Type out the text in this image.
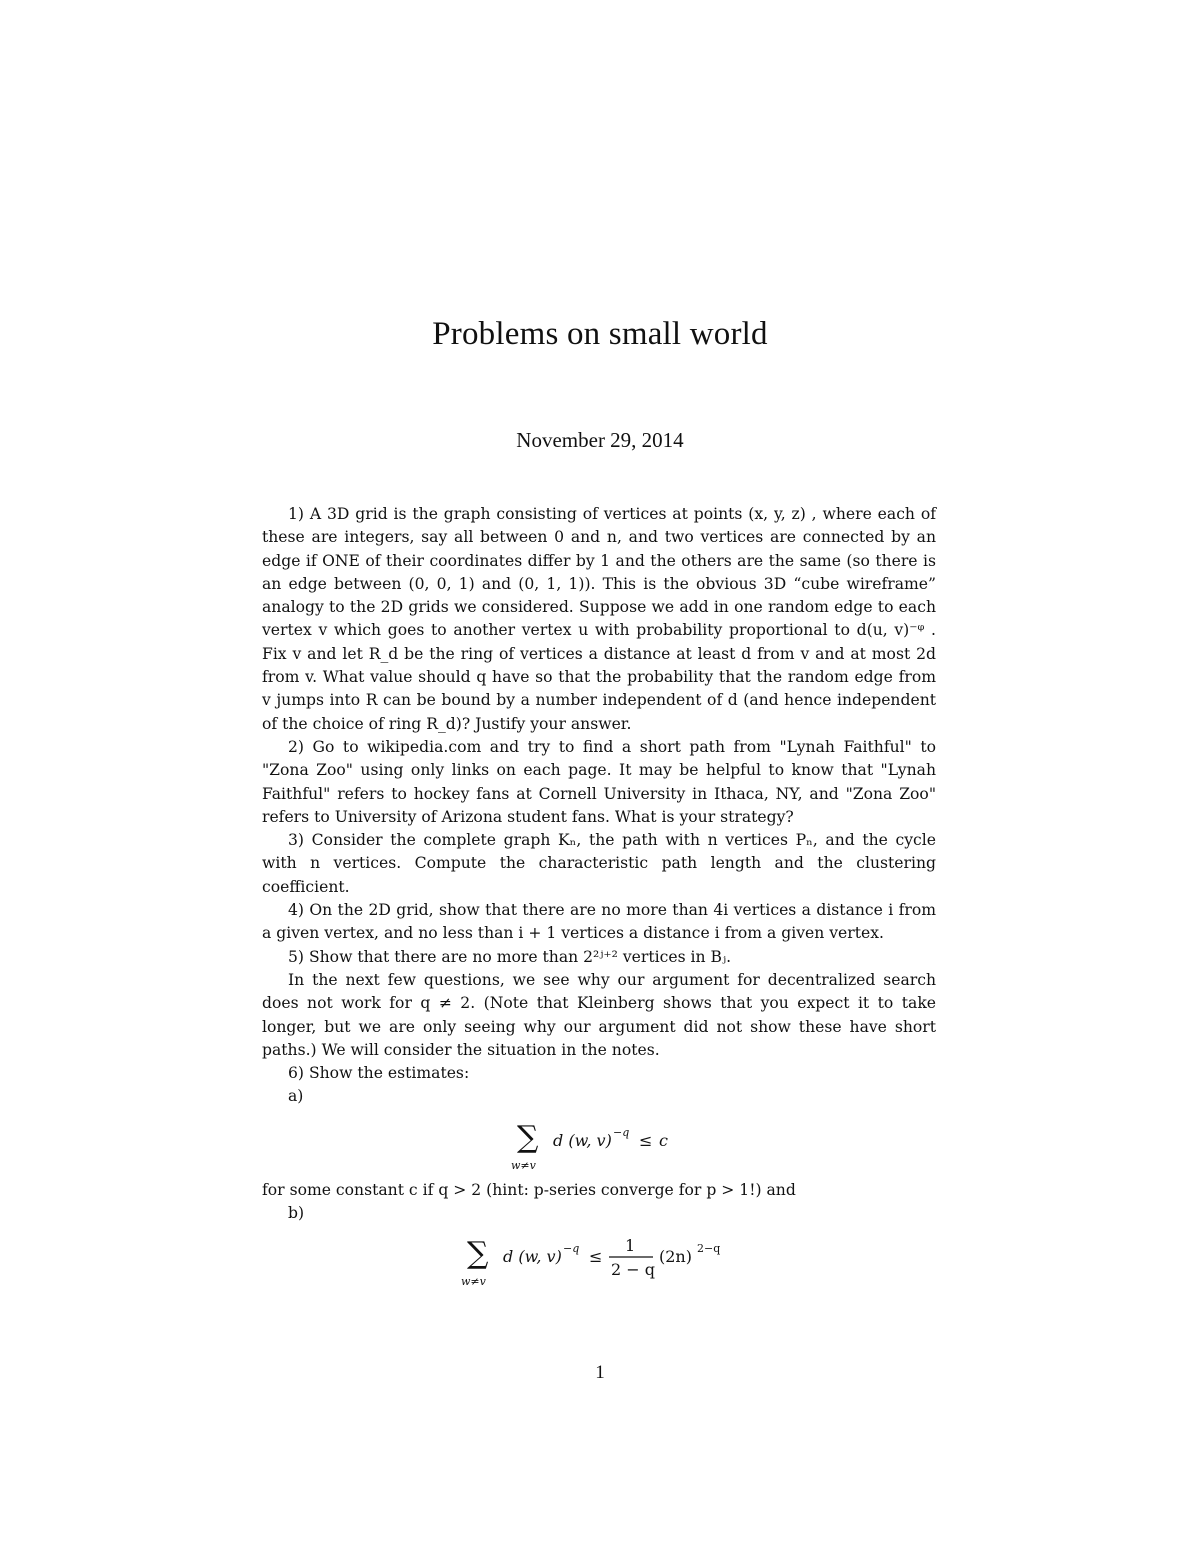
Problems on small world
November 29, 2014

1) A 3D grid is the graph consisting of vertices at points (x, y, z) , where each of these are integers, say all between 0 and n, and two vertices are connected by an edge if ONE of their coordinates differ by 1 and the others are the same (so there is an edge between (0, 0, 1) and (0, 1, 1)). This is the obvious 3D “cube wireframe” analogy to the 2D grids we considered. Suppose we add in one random edge to each vertex v which goes to another vertex u with probability proportional to d(u, v)⁻ᵠ . Fix v and let R_d be the ring of vertices a distance at least d from v and at most 2d from v. What value should q have so that the probability that the random edge from v jumps into R can be bound by a number independent of d (and hence independent of the choice of ring R_d)? Justify your answer.

2) Go to wikipedia.com and try to find a short path from "Lynah Faithful" to "Zona Zoo" using only links on each page. It may be helpful to know that "Lynah Faithful" refers to hockey fans at Cornell University in Ithaca, NY, and "Zona Zoo" refers to University of Arizona student fans. What is your strategy?

3) Consider the complete graph Kₙ, the path with n vertices Pₙ, and the cycle with n vertices. Compute the characteristic path length and the clustering coefficient.

4) On the 2D grid, show that there are no more than 4i vertices a distance i from a given vertex, and no less than i + 1 vertices a distance i from a given vertex.

5) Show that there are no more than 2²ʲ⁺² vertices in Bⱼ.

In the next few questions, we see why our argument for decentralized search does not work for q ≠ 2. (Note that Kleinberg shows that you expect it to take longer, but we are only seeing why our argument did not show these have short paths.) We will consider the situation in the notes.

6) Show the estimates:

a)

∑
w≠v
d (w, v) −q ≤ c

for some constant c if q > 2 (hint: p-series converge for p > 1!) and

b)

∑
w≠v
d (w, v) −q ≤
1
2 − q
(2n) 2−q
1
